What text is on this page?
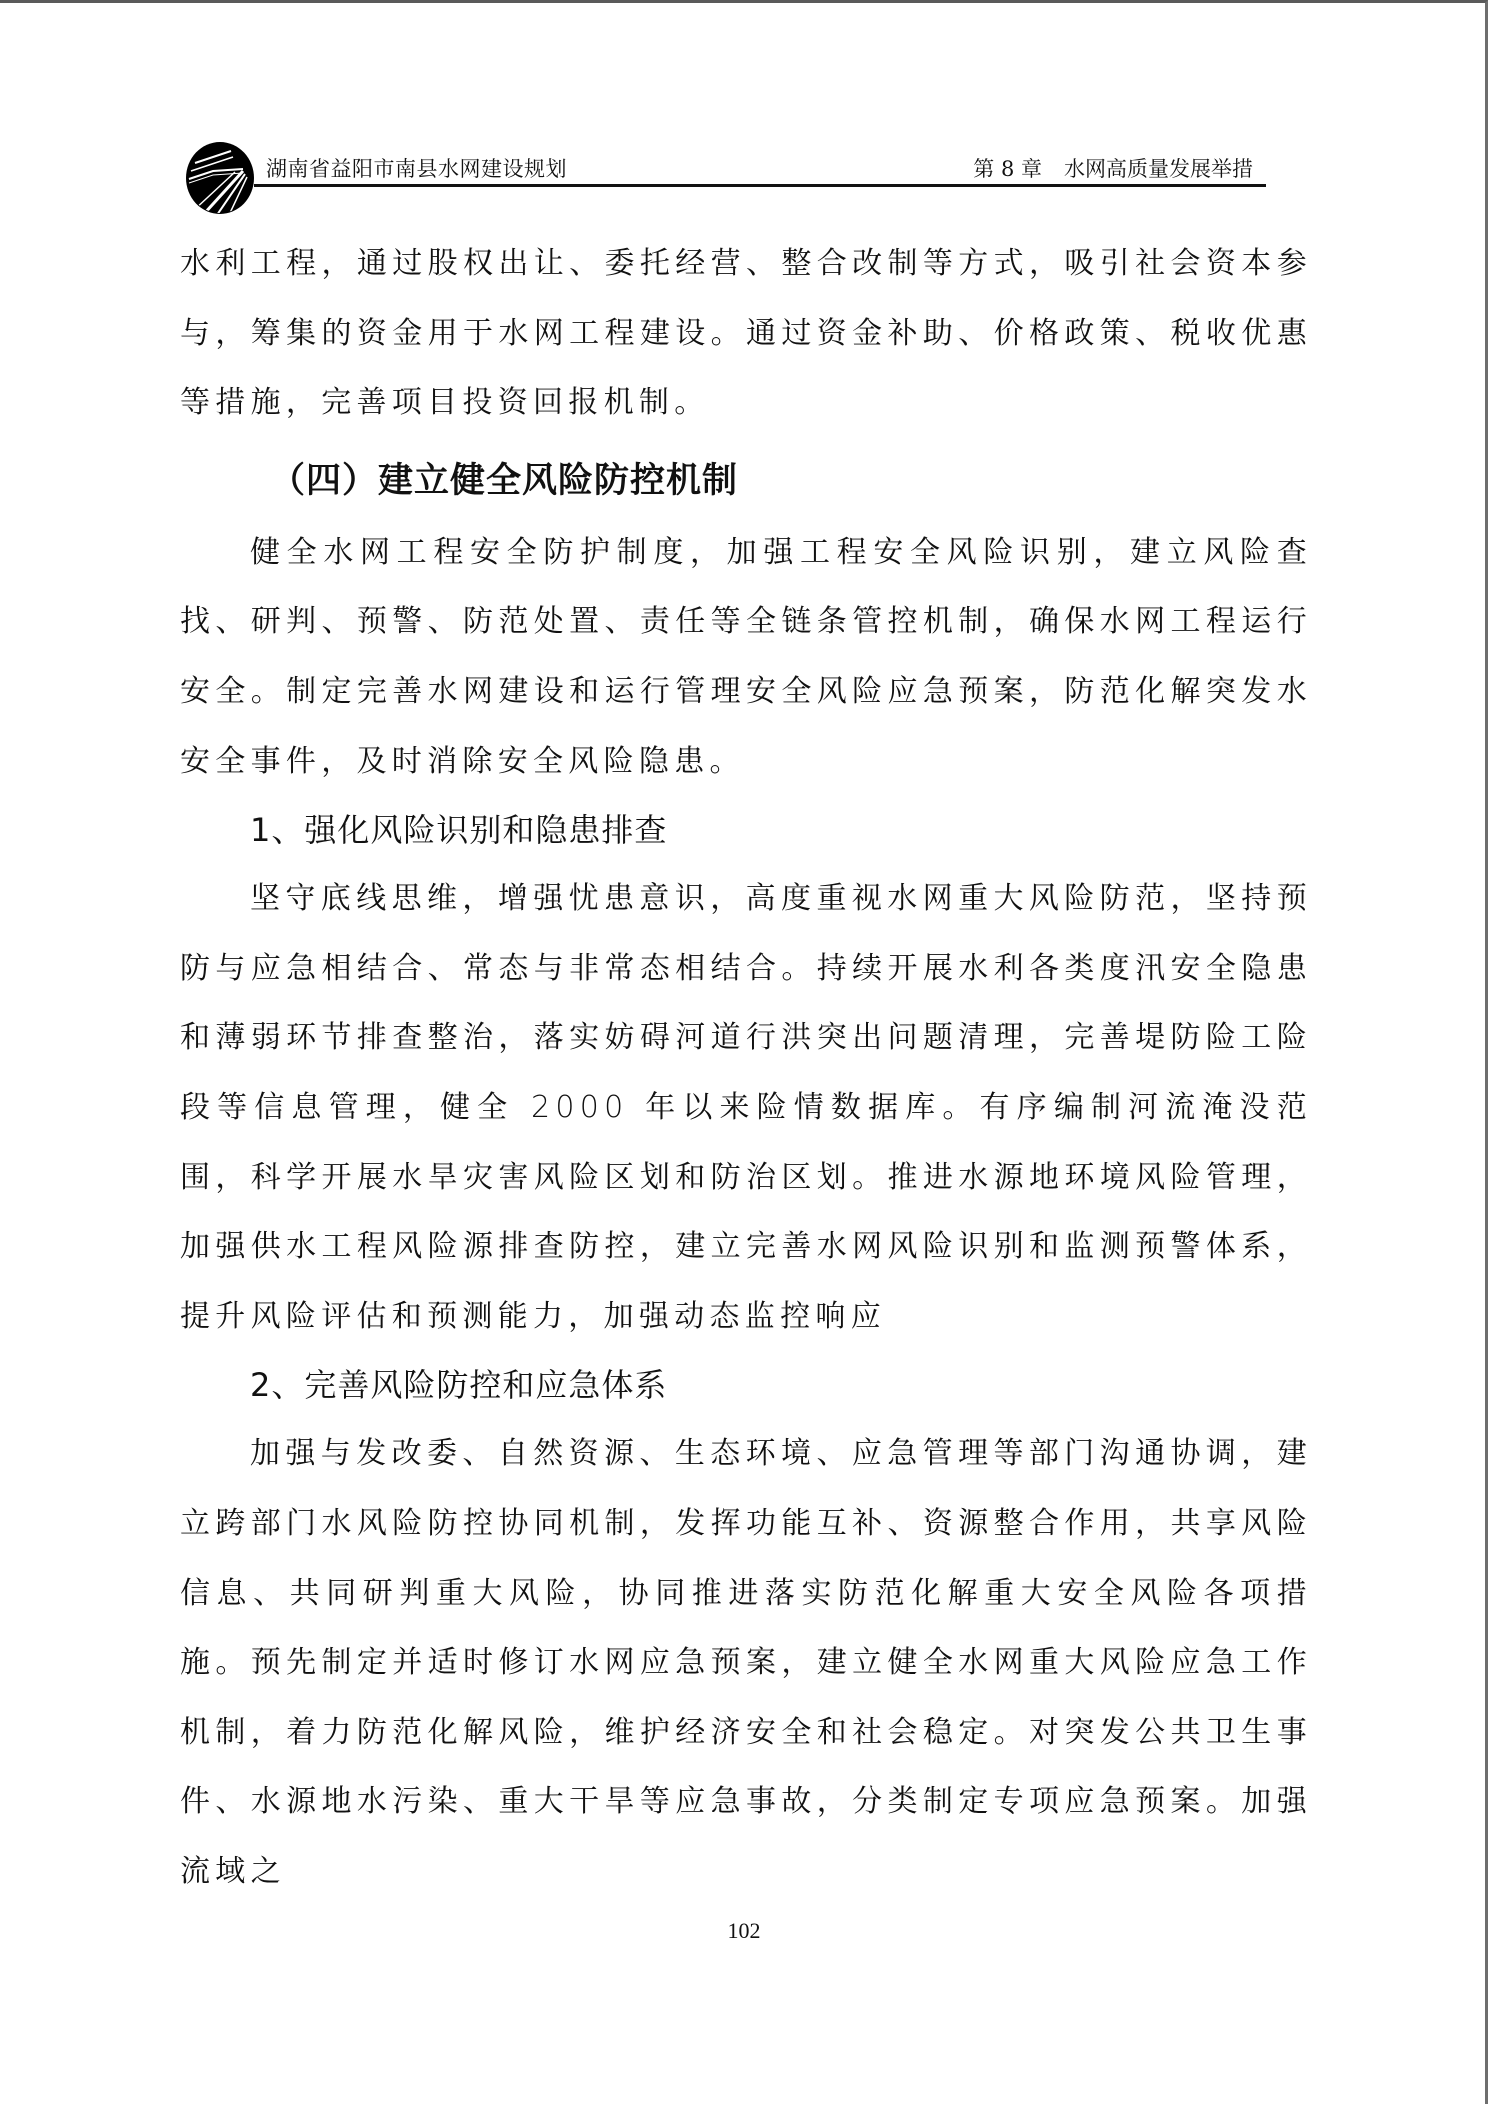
湖南省益阳市南县水网建设规划	第 8 章 水网高质量发展举措

水利工程，通过股权出让、委托经营、整合改制等方式，吸引社会资本参与，筹集的资金用于水网工程建设。通过资金补助、价格政策、税收优惠等措施，完善项目投资回报机制。

（四）建立健全风险防控机制

健全水网工程安全防护制度，加强工程安全风险识别，建立风险查找、研判、预警、防范处置、责任等全链条管控机制，确保水网工程运行安全。制定完善水网建设和运行管理安全风险应急预案，防范化解突发水安全事件，及时消除安全风险隐患。

1、强化风险识别和隐患排查

坚守底线思维，增强忧患意识，高度重视水网重大风险防范，坚持预防与应急相结合、常态与非常态相结合。持续开展水利各类度汛安全隐患和薄弱环节排查整治，落实妨碍河道行洪突出问题清理，完善堤防险工险段等信息管理，健全 2000 年以来险情数据库。有序编制河流淹没范围，科学开展水旱灾害风险区划和防治区划。推进水源地环境风险管理，加强供水工程风险源排查防控，建立完善水网风险识别和监测预警体系，提升风险评估和预测能力，加强动态监控响应

2、完善风险防控和应急体系

加强与发改委、自然资源、生态环境、应急管理等部门沟通协调，建立跨部门水风险防控协同机制，发挥功能互补、资源整合作用，共享风险信息、共同研判重大风险，协同推进落实防范化解重大安全风险各项措施。预先制定并适时修订水网应急预案，建立健全水网重大风险应急工作机制，着力防范化解风险，维护经济安全和社会稳定。对突发公共卫生事件、水源地水污染、重大干旱等应急事故，分类制定专项应急预案。加强流域之

102
